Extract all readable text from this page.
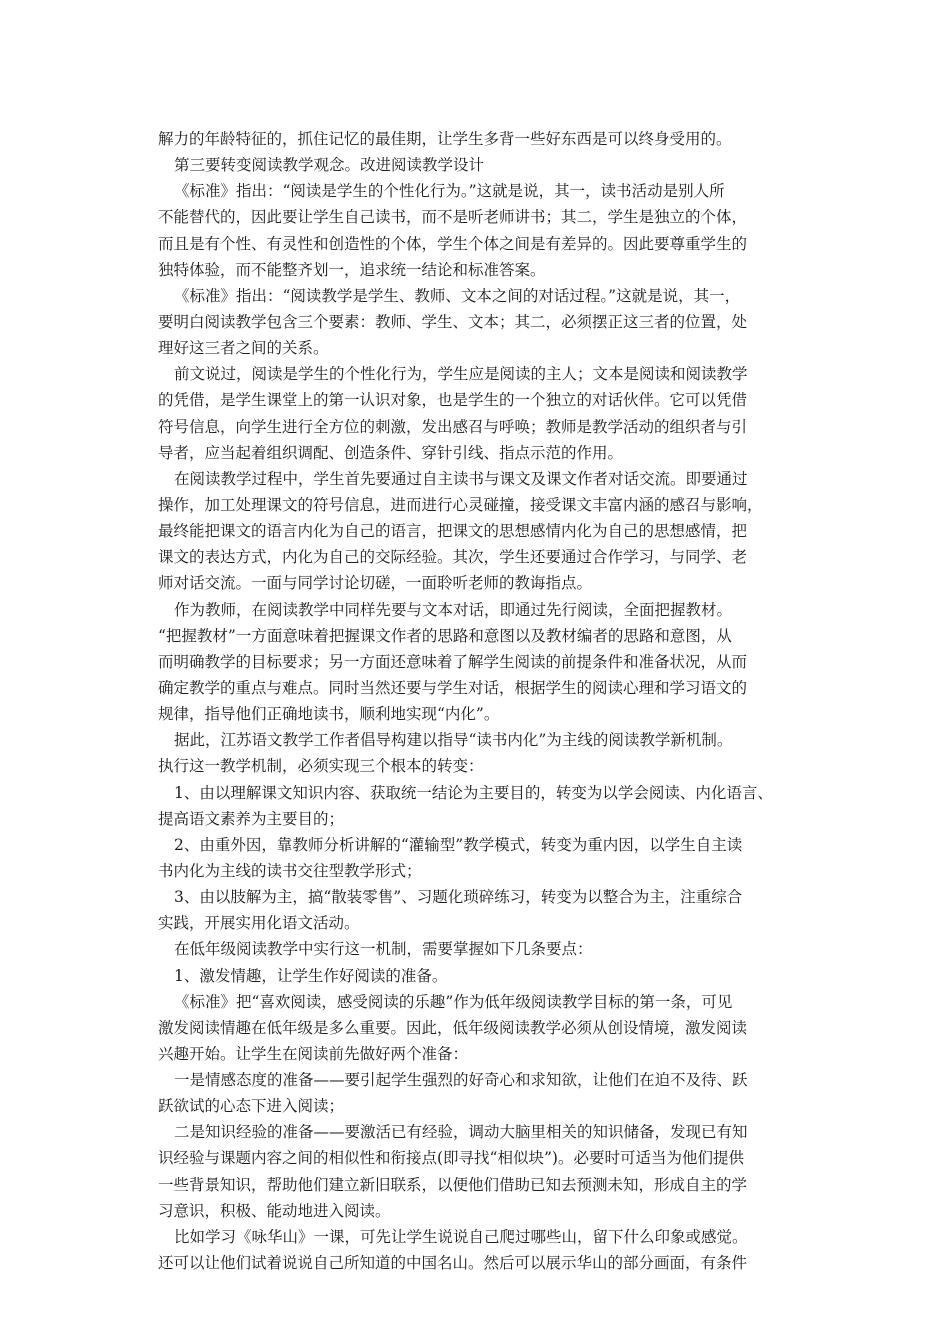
解力的年龄特征的，抓住记忆的最佳期，让学生多背一些好东西是可以终身受用的。
第三要转变阅读教学观念。改进阅读教学设计
《标准》指出：“阅读是学生的个性化行为。”这就是说，其一，读书活动是别人所
不能替代的，因此要让学生自己读书，而不是听老师讲书；其二，学生是独立的个体，
而且是有个性、有灵性和创造性的个体，学生个体之间是有差异的。因此要尊重学生的
独特体验，而不能整齐划一，追求统一结论和标准答案。
《标准》指出：“阅读教学是学生、教师、文本之间的对话过程。”这就是说，其一，
要明白阅读教学包含三个要素：教师、学生、文本；其二，必须摆正这三者的位置，处
理好这三者之间的关系。
前文说过，阅读是学生的个性化行为，学生应是阅读的主人；文本是阅读和阅读教学
的凭借，是学生课堂上的第一认识对象，也是学生的一个独立的对话伙伴。它可以凭借
符号信息，向学生进行全方位的刺激，发出感召与呼唤；教师是教学活动的组织者与引
导者，应当起着组织调配、创造条件、穿针引线、指点示范的作用。
在阅读教学过程中，学生首先要通过自主读书与课文及课文作者对话交流。即要通过
操作，加工处理课文的符号信息，进而进行心灵碰撞，接受课文丰富内涵的感召与影响，
最终能把课文的语言内化为自己的语言，把课文的思想感情内化为自己的思想感情，把
课文的表达方式，内化为自己的交际经验。其次，学生还要通过合作学习，与同学、老
师对话交流。一面与同学讨论切磋，一面聆听老师的教诲指点。
作为教师，在阅读教学中同样先要与文本对话，即通过先行阅读，全面把握教材。
“把握教材”一方面意味着把握课文作者的思路和意图以及教材编者的思路和意图，从
而明确教学的目标要求；另一方面还意味着了解学生阅读的前提条件和准备状况，从而
确定教学的重点与难点。同时当然还要与学生对话，根据学生的阅读心理和学习语文的
规律，指导他们正确地读书，顺利地实现“内化”。
据此，江苏语文教学工作者倡导构建以指导“读书内化”为主线的阅读教学新机制。
执行这一教学机制，必须实现三个根本的转变：
1、由以理解课文知识内容、获取统一结论为主要目的，转变为以学会阅读、内化语言、
提高语文素养为主要目的；
2、由重外因，靠教师分析讲解的“灌输型”教学模式，转变为重内因，以学生自主读
书内化为主线的读书交往型教学形式；
3、由以肢解为主，搞“散装零售”、习题化琐碎练习，转变为以整合为主，注重综合
实践，开展实用化语文活动。
在低年级阅读教学中实行这一机制，需要掌握如下几条要点：
1、激发情趣，让学生作好阅读的准备。
《标准》把“喜欢阅读，感受阅读的乐趣”作为低年级阅读教学目标的第一条，可见
激发阅读情趣在低年级是多么重要。因此，低年级阅读教学必须从创设情境，激发阅读
兴趣开始。让学生在阅读前先做好两个准备：
一是情感态度的准备——要引起学生强烈的好奇心和求知欲，让他们在迫不及待、跃
跃欲试的心态下进入阅读；
二是知识经验的准备——要激活已有经验，调动大脑里相关的知识储备，发现已有知
识经验与课题内容之间的相似性和衔接点(即寻找“相似块”)。必要时可适当为他们提供
一些背景知识，帮助他们建立新旧联系，以便他们借助已知去预测未知，形成自主的学
习意识，积极、能动地进入阅读。
比如学习《咏华山》一课，可先让学生说说自己爬过哪些山，留下什么印象或感觉。
还可以让他们试着说说自己所知道的中国名山。然后可以展示华山的部分画面，有条件
